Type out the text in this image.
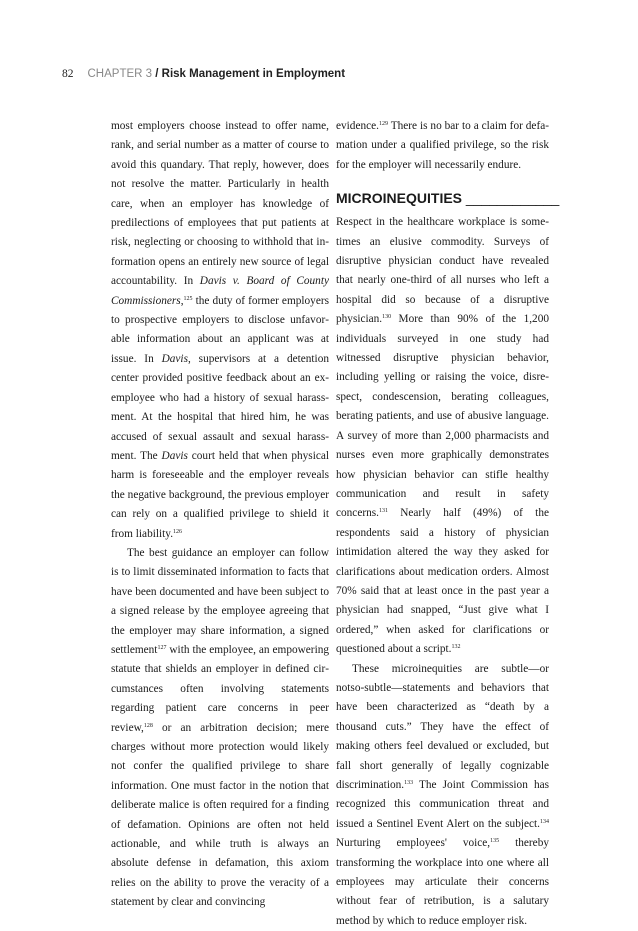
82 CHAPTER 3 / Risk Management in Employment

most employers choose instead to offer name, rank, and serial number as a matter of course to avoid this quandary. That reply, however, does not resolve the matter. Particularly in health care, when an employer has knowledge of predilections of employees that put patients at risk, neglecting or choosing to withhold that information opens an entirely new source of legal accountability. In Davis v. Board of County Commissioners,$^{125}$ the duty of former employers to prospective employers to disclose unfavorable information about an applicant was at issue. In Davis, supervisors at a detention center provided positive feedback about an ex-employee who had a history of sexual harassment. At the hospital that hired him, he was accused of sexual assault and sexual harassment. The Davis court held that when physical harm is foreseeable and the employer reveals the negative background, the previous employer can rely on a qualified privilege to shield it from liability.$^{126}$

The best guidance an employer can follow is to limit disseminated information to facts that have been documented and have been subject to a signed release by the employee agreeing that the employer may share information, a signed settlement$^{127}$ with the employee, an empowering statute that shields an employer in defined circumstances often involving statements regarding patient care concerns in peer review,$^{128}$ or an arbitration decision; mere charges without more protection would likely not confer the qualified privilege to share information. One must factor in the notion that deliberate malice is often required for a finding of defamation. Opinions are often not held actionable, and while truth is always an absolute defense in defamation, this axiom relies on the ability to prove the veracity of a statement by clear and convincing

evidence.$^{129}$ There is no bar to a claim for defamation under a qualified privilege, so the risk for the employer will necessarily endure.

MICROINEQUITIES ____________

Respect in the healthcare workplace is sometimes an elusive commodity. Surveys of disruptive physician conduct have revealed that nearly one-third of all nurses who left a hospital did so because of a disruptive physician.$^{130}$ More than 90% of the 1,200 individuals surveyed in one study had witnessed disruptive physician behavior, including yelling or raising the voice, disrespect, condescension, berating colleagues, berating patients, and use of abusive language. A survey of more than 2,000 pharmacists and nurses even more graphically demonstrates how physician behavior can stifle healthy communication and result in safety concerns.$^{131}$ Nearly half (49%) of the respondents said a history of physician intimidation altered the way they asked for clarifications about medication orders. Almost 70% said that at least once in the past year a physician had snapped, “Just give what I ordered,” when asked for clarifications or questioned about a script.$^{132}$

These microinequities are subtle—or notso-subtle—statements and behaviors that have been characterized as “death by a thousand cuts.” They have the effect of making others feel devalued or excluded, but fall short generally of legally cognizable discrimination.$^{133}$ The Joint Commission has recognized this communication threat and issued a Sentinel Event Alert on the subject.$^{134}$ Nurturing employees' voice,$^{135}$ thereby transforming the workplace into one where all employees may articulate their concerns without fear of retribution, is a salutary method by which to reduce employer risk.
